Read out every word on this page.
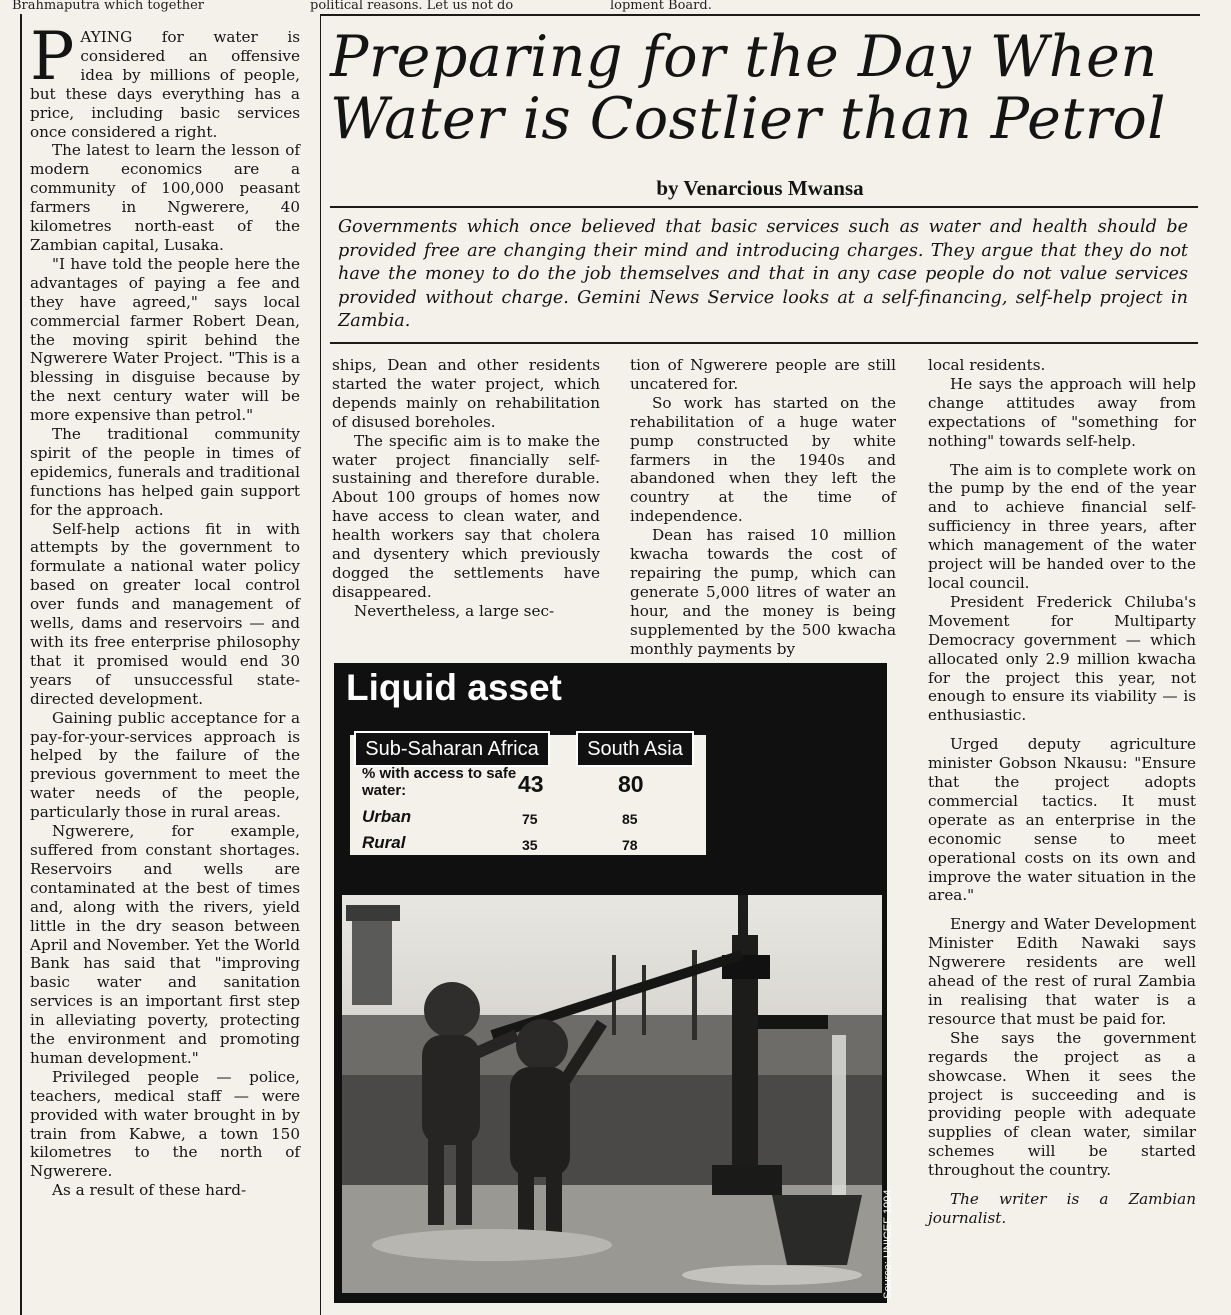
Brahmaputra which together	political reasons. Let us not do	lopment Board.
Preparing for the Day When
Water is Costlier than Petrol
by Venarcious Mwansa
Governments which once believed that basic services such as water and health should be provided free are changing their mind and introducing charges. They argue that they do not have the money to do the job themselves and that in any case people do not value services provided without charge. Gemini News Service looks at a self-financing, self-help project in Zambia.
P AYING for water is considered an offensive idea by millions of people, but these days everything has a price, including basic services once considered a right.

The latest to learn the lesson of modern economics are a community of 100,000 peasant farmers in Ngwerere, 40 kilometres north-east of the Zambian capital, Lusaka.

"I have told the people here the advantages of paying a fee and they have agreed," says local commercial farmer Robert Dean, the moving spirit behind the Ngwerere Water Project. "This is a blessing in disguise because by the next century water will be more expensive than petrol."

The traditional community spirit of the people in times of epidemics, funerals and traditional functions has helped gain support for the approach.

Self-help actions fit in with attempts by the government to formulate a national water policy based on greater local control over funds and management of wells, dams and reservoirs — and with its free enterprise philosophy that it promised would end 30 years of unsuccessful state-directed development.

Gaining public acceptance for a pay-for-your-services approach is helped by the failure of the previous government to meet the water needs of the people, particularly those in rural areas.

Ngwerere, for example, suffered from constant shortages. Reservoirs and wells are contaminated at the best of times and, along with the rivers, yield little in the dry season between April and November. Yet the World Bank has said that "improving basic water and sanitation services is an important first step in alleviating poverty, protecting the environment and promoting human development."

Privileged people — police, teachers, medical staff — were provided with water brought in by train from Kabwe, a town 150 kilometres to the north of Ngwerere.

As a result of these hard-

ships, Dean and other residents started the water project, which depends mainly on rehabilitation of disused boreholes.

The specific aim is to make the water project financially self-sustaining and therefore durable. About 100 groups of homes now have access to clean water, and health workers say that cholera and dysentery which previously dogged the settlements have disappeared.

Nevertheless, a large sec-

tion of Ngwerere people are still uncatered for.

So work has started on the rehabilitation of a huge water pump constructed by white farmers in the 1940s and abandoned when they left the country at the time of independence.

Dean has raised 10 million kwacha towards the cost of repairing the pump, which can generate 5,000 litres of water an hour, and the money is being supplemented by the 500 kwacha monthly payments by

local residents.

He says the approach will help change attitudes away from expectations of "something for nothing" towards self-help.

The aim is to complete work on the pump by the end of the year and to achieve financial self-sufficiency in three years, after which management of the water project will be handed over to the local council.

President Frederick Chiluba's Movement for Multiparty Democracy government — which allocated only 2.9 million kwacha for the project this year, not enough to ensure its viability — is enthusiastic.

Urged deputy agriculture minister Gobson Nkausu: "Ensure that the project adopts commercial tactics. It must operate as an enterprise in the economic sense to meet operational costs on its own and improve the water situation in the area."

Energy and Water Development Minister Edith Nawaki says Ngwerere residents are well ahead of the rest of rural Zambia in realising that water is a resource that must be paid for.

She says the government regards the project as a showcase. When it sees the project is succeeding and is providing people with adequate supplies of clean water, similar schemes will be started throughout the country.

The writer is a Zambian journalist.

Liquid asset
Sub-Saharan Africa	South Asia
% with access to safe water:	43	80
Urban	75	85
Rural	35	78
Source: UNICEF 1994
